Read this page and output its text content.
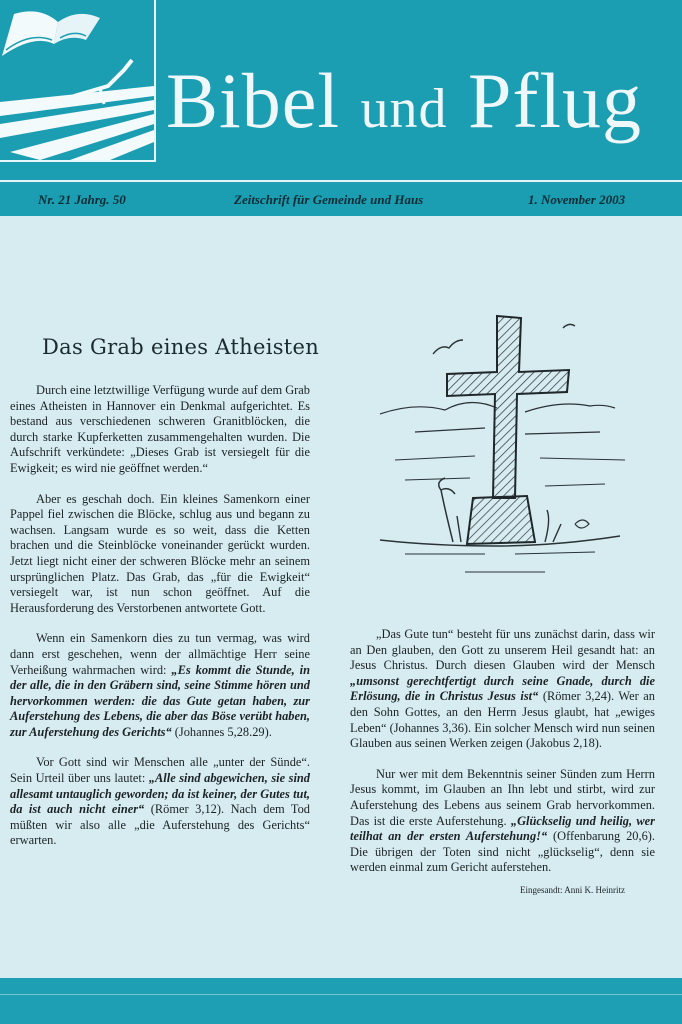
Bibel und Pflug
Nr. 21 Jahrg. 50	Zeitschrift für Gemeinde und Haus	1. November 2003
Das Grab eines Atheisten

Durch eine letztwillige Verfügung wurde auf dem Grab eines Atheisten in Hannover ein Denkmal aufgerichtet. Es bestand aus verschiedenen schweren Granitblöcken, die durch starke Kupferketten zusammengehalten wurden. Die Aufschrift verkündete: „Dieses Grab ist versiegelt für die Ewigkeit; es wird nie geöffnet werden.“

Aber es geschah doch. Ein kleines Samenkorn einer Pappel fiel zwischen die Blöcke, schlug aus und begann zu wachsen. Langsam wurde es so weit, dass die Ketten brachen und die Steinblöcke voneinander gerückt wurden. Jetzt liegt nicht einer der schweren Blöcke mehr an seinem ursprünglichen Platz. Das Grab, das „für die Ewigkeit“ versiegelt war, ist nun schon geöffnet. Auf die Herausforderung des Verstorbenen antwortete Gott.

Wenn ein Samenkorn dies zu tun vermag, was wird dann erst geschehen, wenn der allmächtige Herr seine Verheißung wahrmachen wird: „Es kommt die Stunde, in der alle, die in den Gräbern sind, seine Stimme hören und hervorkommen werden: die das Gute getan haben, zur Auferstehung des Lebens, die aber das Böse verübt haben, zur Auferstehung des Gerichts“ (Johannes 5,28.29).

Vor Gott sind wir Menschen alle „unter der Sünde“. Sein Urteil über uns lautet: „Alle sind abgewichen, sie sind allesamt untauglich geworden; da ist keiner, der Gutes tut, da ist auch nicht einer“ (Römer 3,12). Nach dem Tod müßten wir also alle „die Auferstehung des Gerichts“ erwarten.

„Das Gute tun“ besteht für uns zunächst darin, dass wir an Den glauben, den Gott zu unserem Heil gesandt hat: an Jesus Christus. Durch diesen Glauben wird der Mensch „umsonst gerechtfertigt durch seine Gnade, durch die Erlösung, die in Christus Jesus ist“ (Römer 3,24). Wer an den Sohn Gottes, an den Herrn Jesus glaubt, hat „ewiges Leben“ (Johannes 3,36). Ein solcher Mensch wird nun seinen Glauben aus seinen Werken zeigen (Jakobus 2,18).

Nur wer mit dem Bekenntnis seiner Sünden zum Herrn Jesus kommt, im Glauben an Ihn lebt und stirbt, wird zur Auferstehung des Lebens aus seinem Grab hervorkommen. Das ist die erste Auferstehung. „Glückselig und heilig, wer teilhat an der ersten Auferstehung!“ (Offenbarung 20,6). Die übrigen der Toten sind nicht „glückselig“, denn sie werden einmal zum Gericht auferstehen.

Eingesandt: Anni K. Heinritz
